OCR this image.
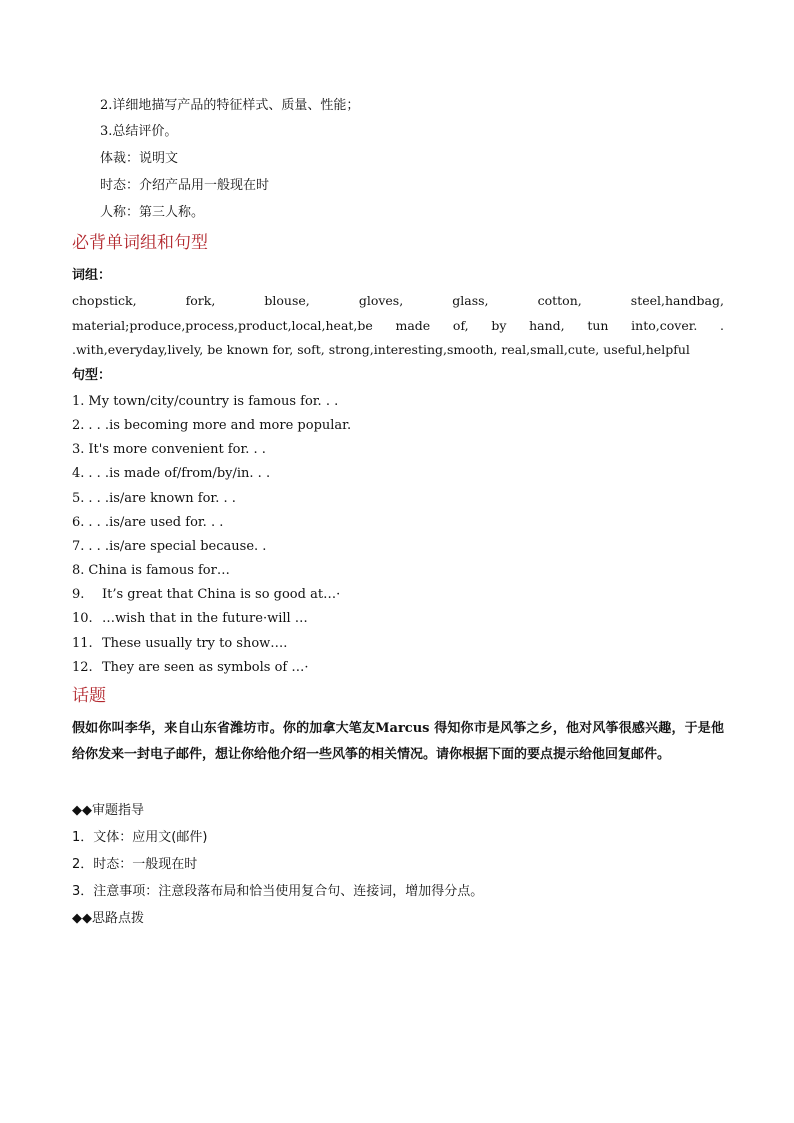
2.详细地描写产品的特征样式、质量、性能；
3.总结评价。
体裁：说明文
时态：介绍产品用一般现在时
人称：第三人称。
必背单词组和句型
词组：
chopstick, fork, blouse, gloves, glass, cotton, steel,handbag, material;produce,process,product,local,heat,be made of, by hand, tun into,cover. . .with,everyday,lively, be known for, soft, strong,interesting,smooth, real,small,cute, useful,helpful
句型：
1. My town/city/country is famous for. . .
2. . . .is becoming more and more popular.
3. It's more convenient for. . .
4. . . .is made of/from/by/in. . .
5. . . .is/are known for. . .
6. . . .is/are used for. . .
7. . . .is/are special because. .
8. China is famous for…
9. It’s great that China is so good at…·
10. …wish that in the future·will …
11. These usually try to show….
12. They are seen as symbols of …·
话题
假如你叫李华，来自山东省潍坊市。你的加拿大笔友Marcus 得知你市是风筝之乡，他对风筝很感兴趣，于是他给你发来一封电子邮件，想让你给他介绍一些风筝的相关情况。请你根据下面的要点提示给他回复邮件。
◆◆审题指导
1．文体：应用文(邮件)
2．时态：一般现在时
3．注意事项：注意段落布局和恰当使用复合句、连接词，增加得分点。
◆◆思路点拨
